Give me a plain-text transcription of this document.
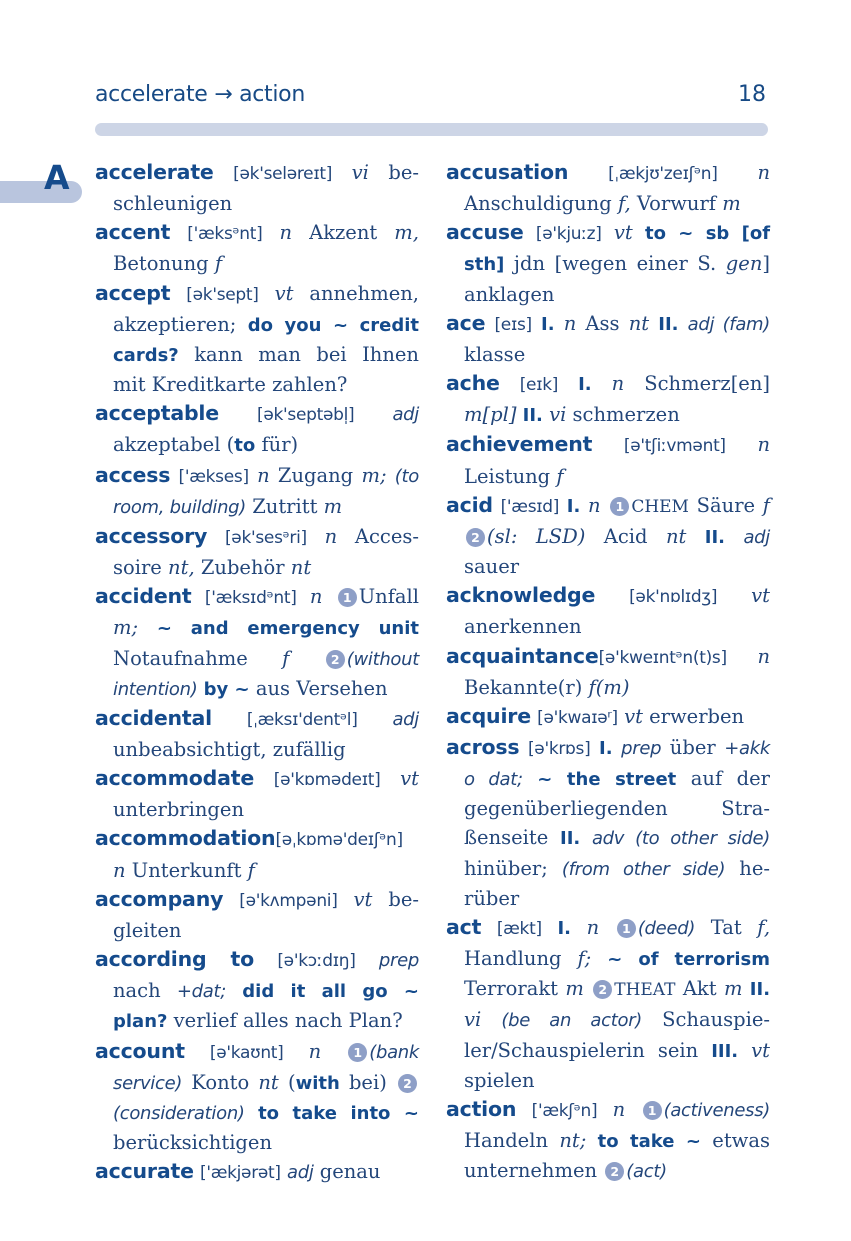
accelerate → action	18
A accelerate [ək'seləreɪt] vi beschleunigen

accent ['æksᵊnt] n Akzent m, Betonung f

accept [ək'sept] vt annehmen, akzeptieren; do you ~ credit cards? kann man bei Ihnen mit Kreditkarte zahlen?

acceptable [ək'septəbl̩] adj akzeptabel (to für)

access ['ækses] n Zugang m; (to room, building) Zutritt m

accessory [ək'sesᵊri] n Accessoire nt, Zubehör nt

accident ['æksɪdᵊnt] n 1 Unfall m; ~ and emergency unit Notaufnahme f	2 (without intention) by ~ aus Versehen

accidental [ˌæksɪ'dentᵊl] adj unbeabsichtigt, zufällig

accommodate [ə'kɒmədeɪt] vt unterbringen

accommodation[əˌkɒmə'deɪʃᵊn] n Unterkunft f

accompany [ə'kʌmpəni] vt begleiten

according to [ə'kɔːdɪŋ] prep nach +dat; did it all go ~ plan? verlief alles nach Plan?

account [ə'kaʊnt] n	1 (bank service) Konto nt (with bei) 2(consideration) to take into ~ berücksichtigen

accurate ['ækjərət] adj genau

accusation [ˌækjʊ'zeɪʃᵊn] n Anschuldigung f, Vorwurf m

accuse [ə'kjuːz] vt to ~ sb [of sth] jdn [wegen einer S. gen] anklagen

ace [eɪs] I. n Ass nt II. adj (fam) klasse

ache [eɪk] I. n Schmerz[en] m[pl] II. vi schmerzen

achievement [ə'tʃiːvmənt] n Leistung f

acid ['æsɪd] I. n 1 CHEM Säure f 2 (sl: LSD) Acid nt II. adj sauer

acknowledge [ək'nɒlɪdʒ] vt anerkennen

acquaintance[ə'kweɪntᵊn(t)s] n Bekannte(r) f(m)

acquire [ə'kwaɪəʳ] vt erwerben

across [ə'krɒs] I. prep über +akk o dat; ~ the street auf der gegenüberliegenden Straßenseite II. adv (to other side) hinüber; (from other side) herüber

act [ækt] I. n 1 (deed) Tat f, Handlung f; ~ of terrorism Terrorakt m 2 THEAT Akt m II. vi (be an actor) Schauspieler/Schauspielerin sein III. vt spielen

action ['ækʃᵊn] n 1 (activeness) Handeln nt; to take ~ etwas unternehmen 2 (act)
